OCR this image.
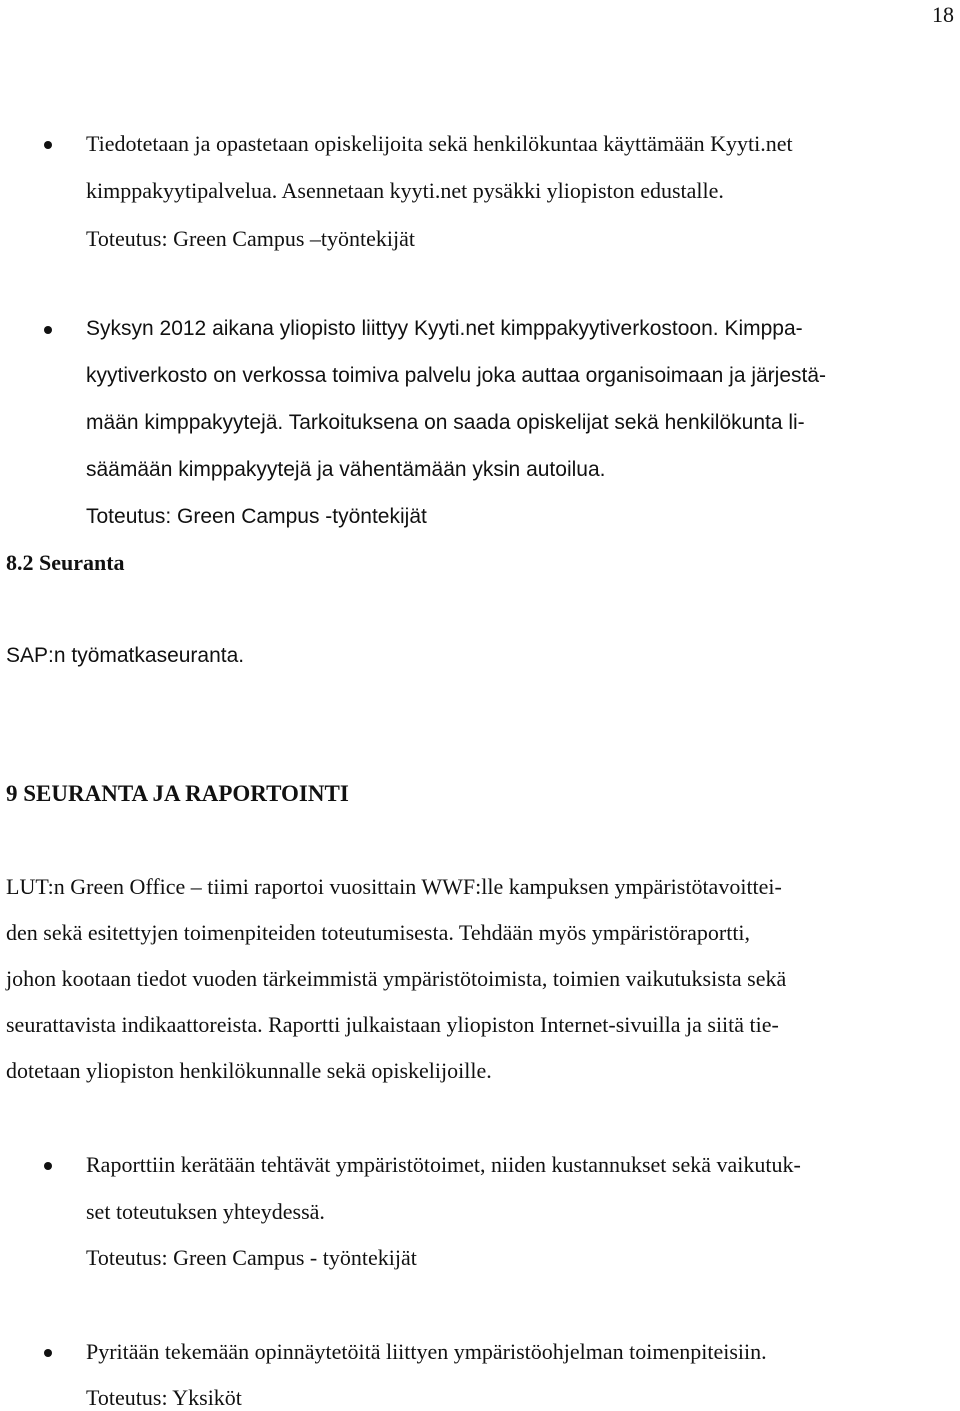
18
Tiedotetaan ja opastetaan opiskelijoita sekä henkilökuntaa käyttämään Kyyti.net
kimppakyytipalvelua. Asennetaan kyyti.net pysäkki yliopiston edustalle.
Toteutus: Green Campus –työntekijät
Syksyn 2012 aikana yliopisto liittyy Kyyti.net kimppakyytiverkostoon. Kimppa-
kyytiverkosto on verkossa toimiva palvelu joka auttaa organisoimaan ja järjestä-
mään kimppakyytejä. Tarkoituksena on saada opiskelijat sekä henkilökunta li-
säämään kimppakyytejä ja vähentämään yksin autoilua.
Toteutus: Green Campus -työntekijät
8.2 Seuranta
SAP:n työmatkaseuranta.
9 SEURANTA JA RAPORTOINTI
LUT:n Green Office – tiimi raportoi vuosittain WWF:lle kampuksen ympäristötavoittei-
den sekä esitettyjen toimenpiteiden toteutumisesta. Tehdään myös ympäristöraportti,
johon kootaan tiedot vuoden tärkeimmistä ympäristötoimista, toimien vaikutuksista sekä
seurattavista indikaattoreista. Raportti julkaistaan yliopiston Internet-sivuilla ja siitä tie-
dotetaan yliopiston henkilökunnalle sekä opiskelijoille.
Raporttiin kerätään tehtävät ympäristötoimet, niiden kustannukset sekä vaikutuk-
set toteutuksen yhteydessä.
Toteutus: Green Campus - työntekijät
Pyritään tekemään opinnäytetöitä liittyen ympäristöohjelman toimenpiteisiin.
Toteutus: Yksiköt
